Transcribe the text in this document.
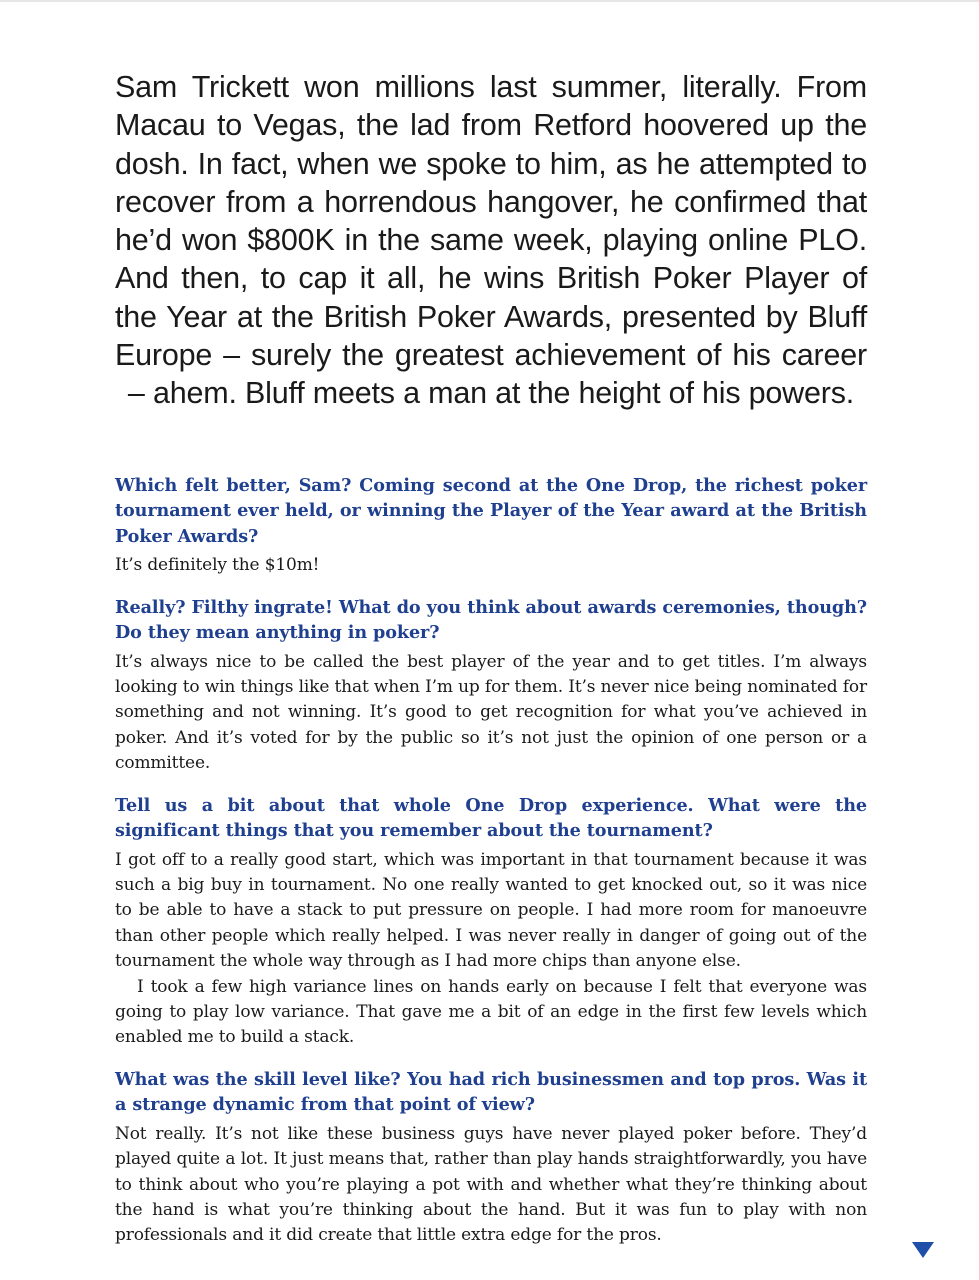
Sam Trickett won millions last summer, literally. From Macau to Vegas, the lad from Retford hoovered up the dosh. In fact, when we spoke to him, as he attempted to recover from a horrendous hangover, he confirmed that he’d won $800K in the same week, playing online PLO. And then, to cap it all, he wins British Poker Player of the Year at the British Poker Awards, presented by Bluff Europe – surely the greatest achievement of his career – ahem. Bluff meets a man at the height of his powers.

Which felt better, Sam? Coming second at the One Drop, the richest poker tournament ever held, or winning the Player of the Year award at the British Poker Awards?

It’s definitely the $10m!

Really? Filthy ingrate! What do you think about awards ceremonies, though? Do they mean anything in poker?

It’s always nice to be called the best player of the year and to get titles. I’m always looking to win things like that when I’m up for them. It’s never nice being nominated for something and not winning. It’s good to get recognition for what you’ve achieved in poker. And it’s voted for by the public so it’s not just the opinion of one person or a committee.

Tell us a bit about that whole One Drop experience. What were the significant things that you remember about the tournament?

I got off to a really good start, which was important in that tournament because it was such a big buy in tournament. No one really wanted to get knocked out, so it was nice to be able to have a stack to put pressure on people. I had more room for manoeuvre than other people which really helped. I was never really in danger of going out of the tournament the whole way through as I had more chips than anyone else.

I took a few high variance lines on hands early on because I felt that everyone was going to play low variance. That gave me a bit of an edge in the first few levels which enabled me to build a stack.

What was the skill level like? You had rich businessmen and top pros. Was it a strange dynamic from that point of view?

Not really. It’s not like these business guys have never played poker before. They’d played quite a lot. It just means that, rather than play hands straightforwardly, you have to think about who you’re playing a pot with and whether what they’re thinking about the hand is what you’re thinking about the hand. But it was fun to play with non professionals and it did create that little extra edge for the pros.
